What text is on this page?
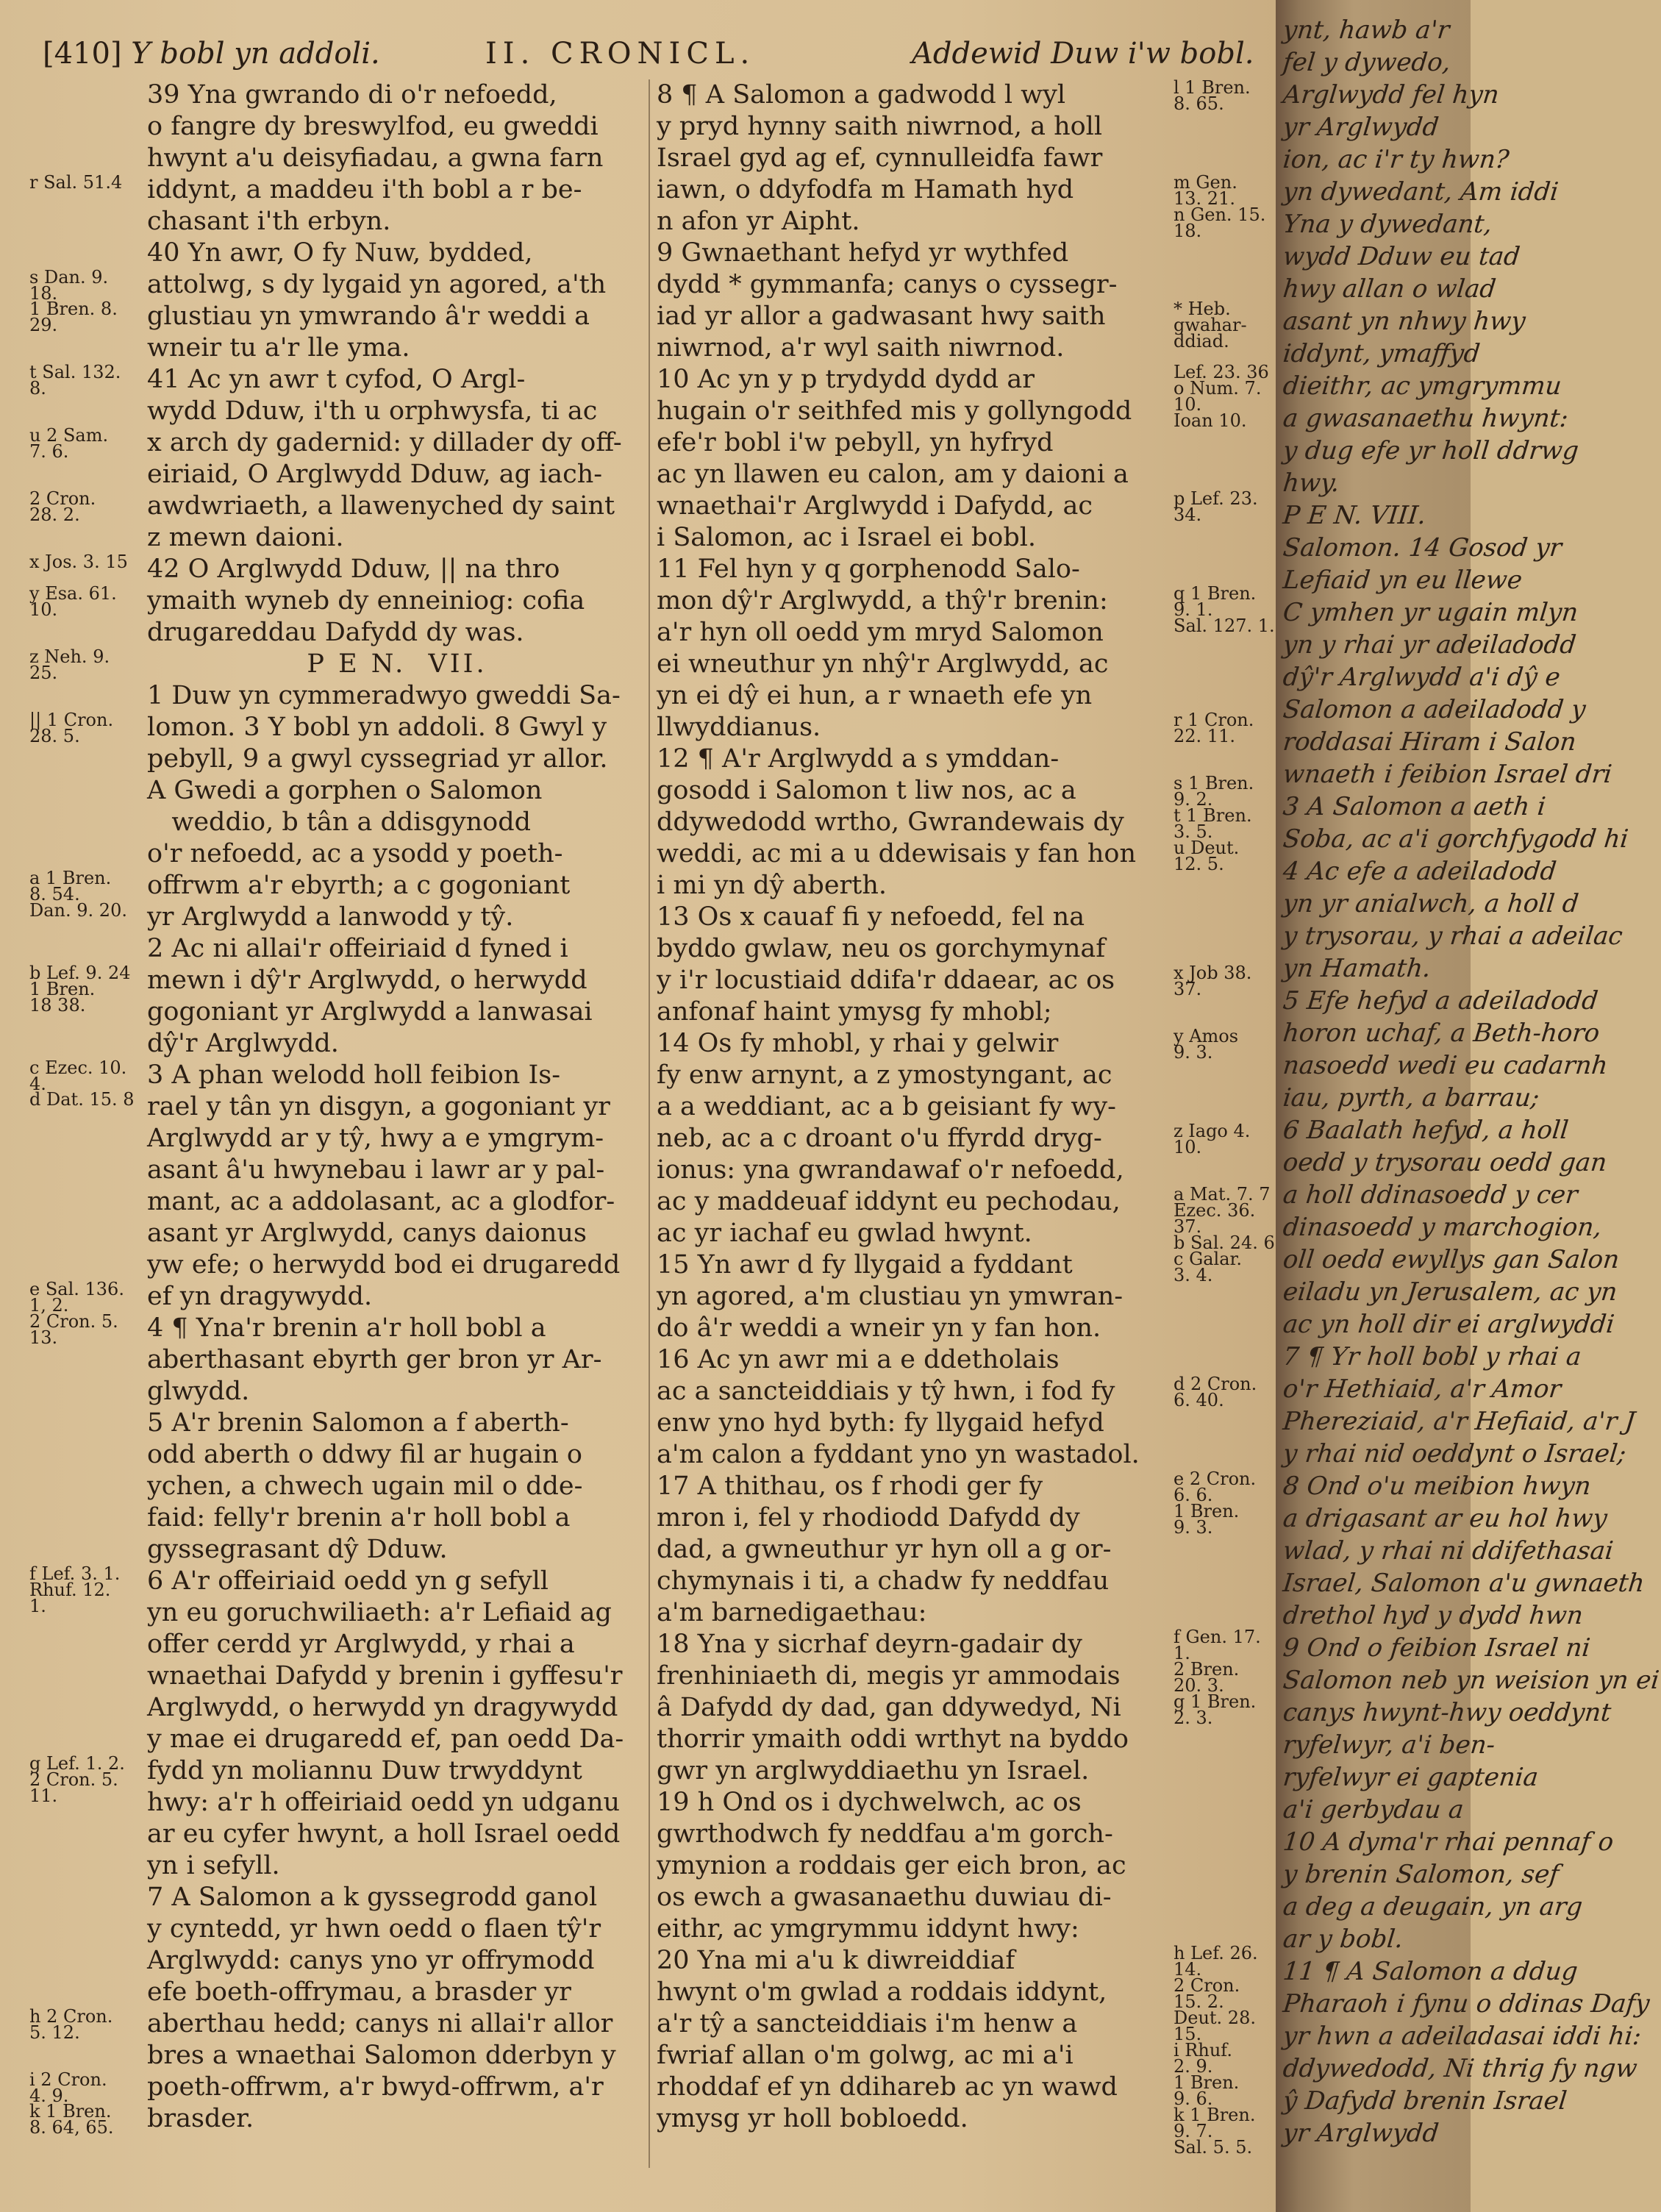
[410] Y bobl yn addoli.	II. CRONICL.	Addewid Duw i'w bobl.
r Sal. 51.4
s Dan. 9.
18.
1 Bren. 8.
29.
t Sal. 132.
8.
u 2 Sam.
7. 6.
2 Cron.
28. 2.
x Jos. 3. 15
y Esa. 61.
10.
z Neh. 9.
25.
|| 1 Cron.
28. 5.
a 1 Bren.
8. 54.
Dan. 9. 20.
b Lef. 9. 24
1 Bren.
18 38.
c Ezec. 10.
4.
d Dat. 15. 8
e Sal. 136.
1, 2.
2 Cron. 5.
13.
f Lef. 3. 1.
Rhuf. 12.
1.
g Lef. 1. 2.
2 Cron. 5.
11.
h 2 Cron.
5. 12.
i 2 Cron.
4. 9.
k 1 Bren.
8. 64, 65.
39 Yna gwrando di o'r nefoedd,
o fangre dy breswylfod, eu gweddi
hwynt a'u deisyfiadau, a gwna farn
iddynt, a maddeu i'th bobl a r be-
chasant i'th erbyn.
40 Yn awr, O fy Nuw, bydded,
attolwg, s dy lygaid yn agored, a'th
glustiau yn ymwrando â'r weddi a
wneir tu a'r lle yma.
41 Ac yn awr t cyfod, O Argl-
wydd Dduw, i'th u orphwysfa, ti ac
x arch dy gadernid: y dillader dy off-
eiriaid, O Arglwydd Dduw, ag iach-
awdwriaeth, a llawenyched dy saint
z mewn daioni.
42 O Arglwydd Dduw, || na thro
ymaith wyneb dy enneiniog: cofia
drugareddau Dafydd dy was.
P E N.  VII.
1 Duw yn cymmeradwyo gweddi Sa-
lomon. 3 Y bobl yn addoli. 8 Gwyl y
pebyll, 9 a gwyl cyssegriad yr allor.
A Gwedi a gorphen o Salomon
weddio, b tân a ddisgynodd
o'r nefoedd, ac a ysodd y poeth-
offrwm a'r ebyrth; a c gogoniant
yr Arglwydd a lanwodd y tŷ.
2 Ac ni allai'r offeiriaid d fyned i
mewn i dŷ'r Arglwydd, o herwydd
gogoniant yr Arglwydd a lanwasai
dŷ'r Arglwydd.
3 A phan welodd holl feibion Is-
rael y tân yn disgyn, a gogoniant yr
Arglwydd ar y tŷ, hwy a e ymgrym-
asant â'u hwynebau i lawr ar y pal-
mant, ac a addolasant, ac a glodfor-
asant yr Arglwydd, canys daionus
yw efe; o herwydd bod ei drugaredd
ef yn dragywydd.
4 ¶ Yna'r brenin a'r holl bobl a
aberthasant ebyrth ger bron yr Ar-
glwydd.
5 A'r brenin Salomon a f aberth-
odd aberth o ddwy fil ar hugain o
ychen, a chwech ugain mil o dde-
faid: felly'r brenin a'r holl bobl a
gyssegrasant dŷ Dduw.
6 A'r offeiriaid oedd yn g sefyll
yn eu goruchwiliaeth: a'r Lefiaid ag
offer cerdd yr Arglwydd, y rhai a
wnaethai Dafydd y brenin i gyffesu'r
Arglwydd, o herwydd yn dragywydd
y mae ei drugaredd ef, pan oedd Da-
fydd yn moliannu Duw trwyddynt
hwy: a'r h offeiriaid oedd yn udganu
ar eu cyfer hwynt, a holl Israel oedd
yn i sefyll.
7 A Salomon a k gyssegrodd ganol
y cyntedd, yr hwn oedd o flaen tŷ'r
Arglwydd: canys yno yr offrymodd
efe boeth-offrymau, a brasder yr
aberthau hedd; canys ni allai'r allor
bres a wnaethai Salomon dderbyn y
poeth-offrwm, a'r bwyd-offrwm, a'r
brasder.
8 ¶ A Salomon a gadwodd l wyl
y pryd hynny saith niwrnod, a holl
Israel gyd ag ef, cynnulleidfa fawr
iawn, o ddyfodfa m Hamath hyd
n afon yr Aipht.
9 Gwnaethant hefyd yr wythfed
dydd * gymmanfa; canys o cyssegr-
iad yr allor a gadwasant hwy saith
niwrnod, a'r wyl saith niwrnod.
10 Ac yn y p trydydd dydd ar
hugain o'r seithfed mis y gollyngodd
efe'r bobl i'w pebyll, yn hyfryd
ac yn llawen eu calon, am y daioni a
wnaethai'r Arglwydd i Dafydd, ac
i Salomon, ac i Israel ei bobl.
11 Fel hyn y q gorphenodd Salo-
mon dŷ'r Arglwydd, a thŷ'r brenin:
a'r hyn oll oedd ym mryd Salomon
ei wneuthur yn nhŷ'r Arglwydd, ac
yn ei dŷ ei hun, a r wnaeth efe yn
llwyddianus.
12 ¶ A'r Arglwydd a s ymddan-
gosodd i Salomon t liw nos, ac a
ddywedodd wrtho, Gwrandewais dy
weddi, ac mi a u ddewisais y fan hon
i mi yn dŷ aberth.
13 Os x cauaf fi y nefoedd, fel na
byddo gwlaw, neu os gorchymynaf
y i'r locustiaid ddifa'r ddaear, ac os
anfonaf haint ymysg fy mhobl;
14 Os fy mhobl, y rhai y gelwir
fy enw arnynt, a z ymostyngant, ac
a a weddiant, ac a b geisiant fy wy-
neb, ac a c droant o'u ffyrdd dryg-
ionus: yna gwrandawaf o'r nefoedd,
ac y maddeuaf iddynt eu pechodau,
ac yr iachaf eu gwlad hwynt.
15 Yn awr d fy llygaid a fyddant
yn agored, a'm clustiau yn ymwran-
do â'r weddi a wneir yn y fan hon.
16 Ac yn awr mi a e ddetholais
ac a sancteiddiais y tŷ hwn, i fod fy
enw yno hyd byth: fy llygaid hefyd
a'm calon a fyddant yno yn wastadol.
17 A thithau, os f rhodi ger fy
mron i, fel y rhodiodd Dafydd dy
dad, a gwneuthur yr hyn oll a g or-
chymynais i ti, a chadw fy neddfau
a'm barnedigaethau:
18 Yna y sicrhaf deyrn-gadair dy
frenhiniaeth di, megis yr ammodais
â Dafydd dy dad, gan ddywedyd, Ni
thorrir ymaith oddi wrthyt na byddo
gwr yn arglwyddiaethu yn Israel.
19 h Ond os i dychwelwch, ac os
gwrthodwch fy neddfau a'm gorch-
ymynion a roddais ger eich bron, ac
os ewch a gwasanaethu duwiau di-
eithr, ac ymgrymmu iddynt hwy:
20 Yna mi a'u k diwreiddiaf
hwynt o'm gwlad a roddais iddynt,
a'r tŷ a sancteiddiais i'm henw a
fwriaf allan o'm golwg, ac mi a'i
rhoddaf ef yn ddihareb ac yn wawd
ymysg yr holl bobloedd.
l 1 Bren.
8. 65.
m Gen.
13. 21.
n Gen. 15.
18.
* Heb.
gwahar-
ddiad.
Lef. 23. 36
o Num. 7.
10.
Ioan 10.
p Lef. 23.
34.
q 1 Bren.
9. 1.
Sal. 127. 1.
r 1 Cron.
22. 11.
s 1 Bren.
9. 2.
t 1 Bren.
3. 5.
u Deut.
12. 5.
x Job 38.
37.
y Amos
9. 3.
z Iago 4.
10.
a Mat. 7. 7
Ezec. 36.
37.
b Sal. 24. 6
c Galar.
3. 4.
d 2 Cron.
6. 40.
e 2 Cron.
6. 6.
1 Bren.
9. 3.
f Gen. 17.
1.
2 Bren.
20. 3.
g 1 Bren.
2. 3.
h Lef. 26.
14.
2 Cron.
15. 2.
Deut. 28.
15.
i Rhuf.
2. 9.
1 Bren.
9. 6.
k 1 Bren.
9. 7.
Sal. 5. 5.
ynt, hawb a'r
fel y dywedo,
Arglwydd fel hyn
yr Arglwydd
ion, ac i'r ty hwn?
yn dywedant, Am iddi
Yna y dywedant,
wydd Dduw eu tad
hwy allan o wlad
asant yn nhwy hwy
iddynt, ymaffyd
dieithr, ac ymgrymmu
a gwasanaethu hwynt:
y dug efe yr holl ddrwg
hwy.
P E N. VIII.
Salomon. 14 Gosod yr
Lefiaid yn eu llewe
C ymhen yr ugain mlyn
yn y rhai yr adeiladodd
dŷ'r Arglwydd a'i dŷ e
Salomon a adeiladodd y
roddasai Hiram i Salon
wnaeth i feibion Israel dri
3 A Salomon a aeth i
Soba, ac a'i gorchfygodd hi
4 Ac efe a adeiladodd
yn yr anialwch, a holl d
y trysorau, y rhai a adeilac
yn Hamath.
5 Efe hefyd a adeiladodd
horon uchaf, a Beth-horo
nasoedd wedi eu cadarnh
iau, pyrth, a barrau;
6 Baalath hefyd, a holl
oedd y trysorau oedd gan
a holl ddinasoedd y cer
dinasoedd y marchogion,
oll oedd ewyllys gan Salon
eiladu yn Jerusalem, ac yn
ac yn holl dir ei arglwyddi
7 ¶ Yr holl bobl y rhai a
o'r Hethiaid, a'r Amor
Phereziaid, a'r Hefiaid, a'r J
y rhai nid oeddynt o Israel;
8 Ond o'u meibion hwyn
a drigasant ar eu hol hwy
wlad, y rhai ni ddifethasai
Israel, Salomon a'u gwnaeth
drethol hyd y dydd hwn
9 Ond o feibion Israel ni
Salomon neb yn weision yn ei
canys hwynt-hwy oeddynt
ryfelwyr, a'i ben-
ryfelwyr ei gaptenia
a'i gerbydau a
10 A dyma'r rhai pennaf o
y brenin Salomon, sef
a deg a deugain, yn arg
ar y bobl.
11 ¶ A Salomon a ddug
Pharaoh i fynu o ddinas Dafy
yr hwn a adeiladasai iddi hi:
ddywedodd, Ni thrig fy ngw
ŷ Dafydd brenin Israel
yr Arglwydd
